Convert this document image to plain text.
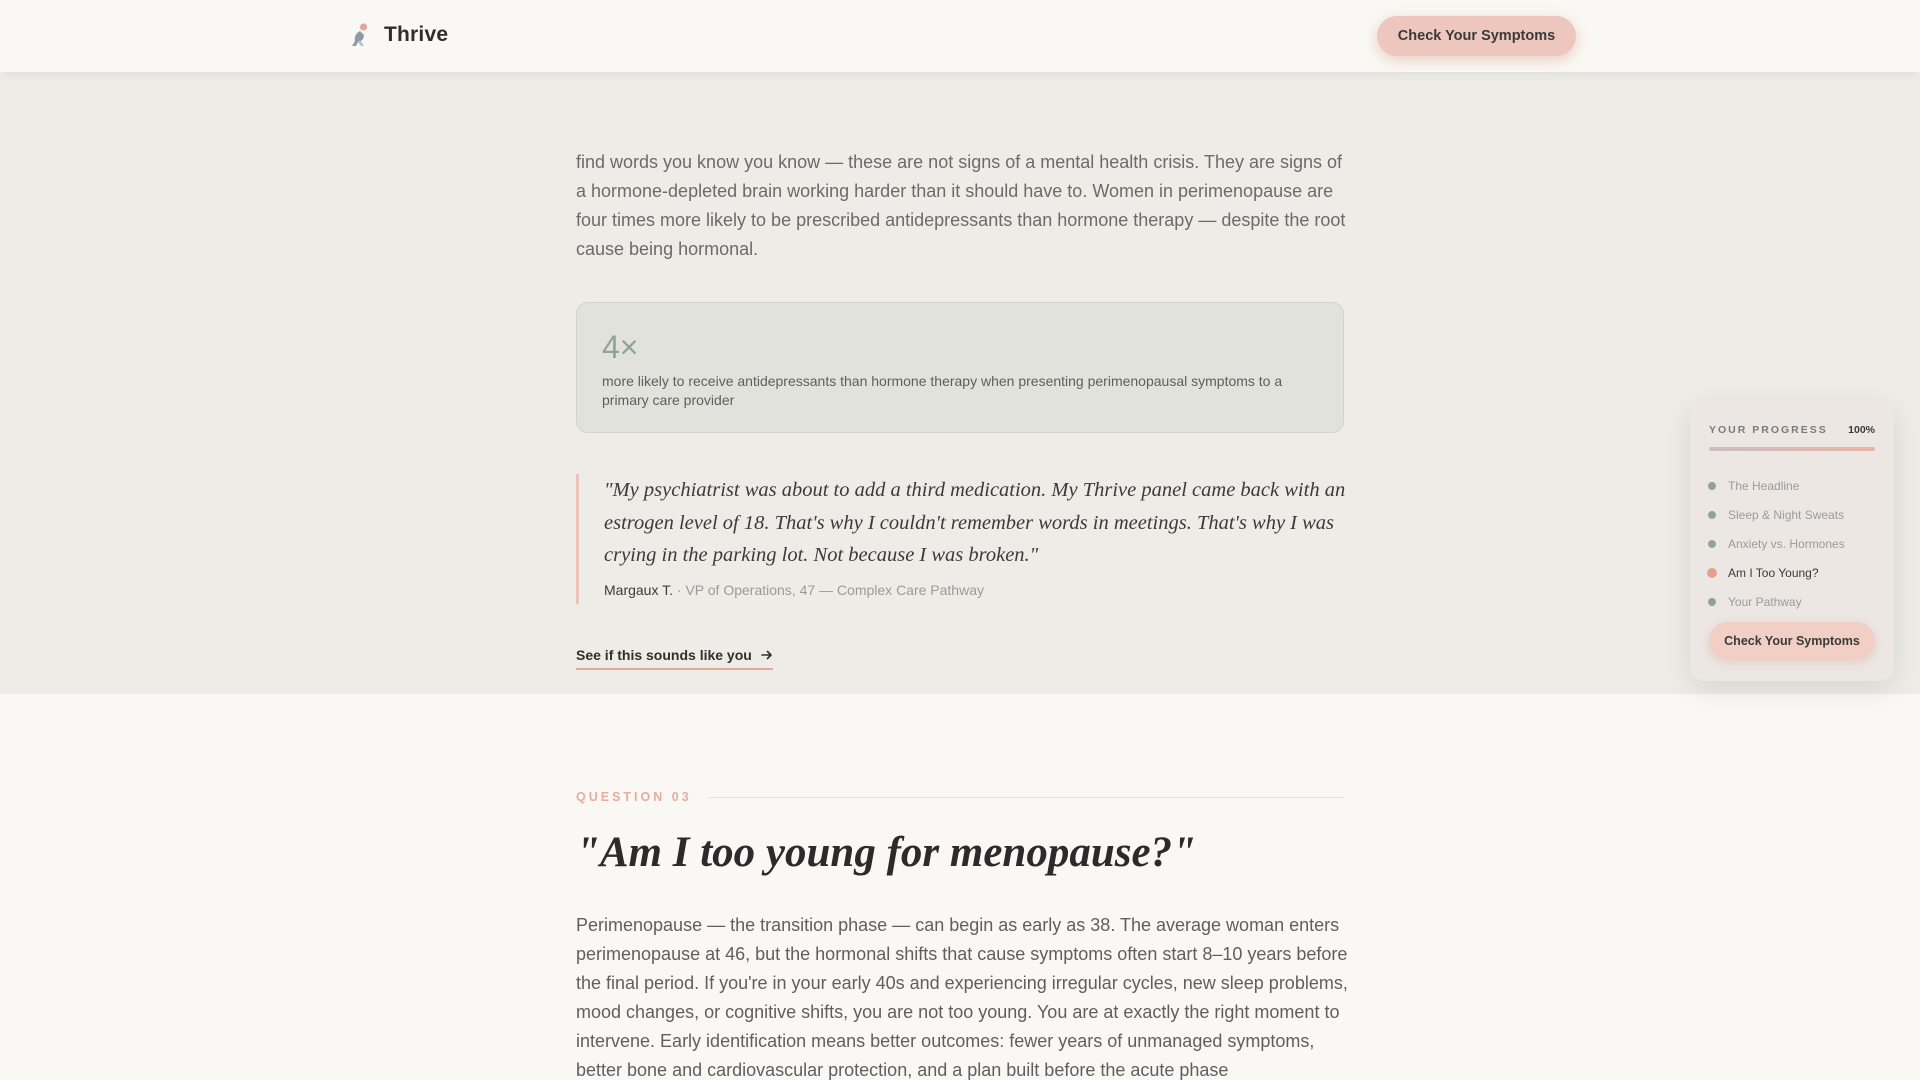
Thrive	Check Your Symptoms

find words you know you know — these are not signs of a mental health crisis. They are signs of a hormone-depleted brain working harder than it should have to. Women in perimenopause are four times more likely to be prescribed antidepressants than hormone therapy — despite the root cause being hormonal.

4×
more likely to receive antidepressants than hormone therapy when presenting perimenopausal symptoms to a primary care provider

"My psychiatrist was about to add a third medication. My Thrive panel came back with an estrogen level of 18. That's why I couldn't remember words in meetings. That's why I was crying in the parking lot. Not because I was broken."

Margaux T. · VP of Operations, 47 — Complex Care Pathway

See if this sounds like you
QUESTION 03
"Am I too young for menopause?"

Perimenopause — the transition phase — can begin as early as 38. The average woman enters perimenopause at 46, but the hormonal shifts that cause symptoms often start 8–10 years before the final period. If you're in your early 40s and experiencing irregular cycles, new sleep problems, mood changes, or cognitive shifts, you are not too young. You are at exactly the right moment to intervene. Early identification means better outcomes: fewer years of unmanaged symptoms, better bone and cardiovascular protection, and a plan built before the acute phase

YOUR PROGRESS 100%
The Headline
Sleep & Night Sweats
Anxiety vs. Hormones
Am I Too Young?
Your Pathway
Check Your Symptoms
